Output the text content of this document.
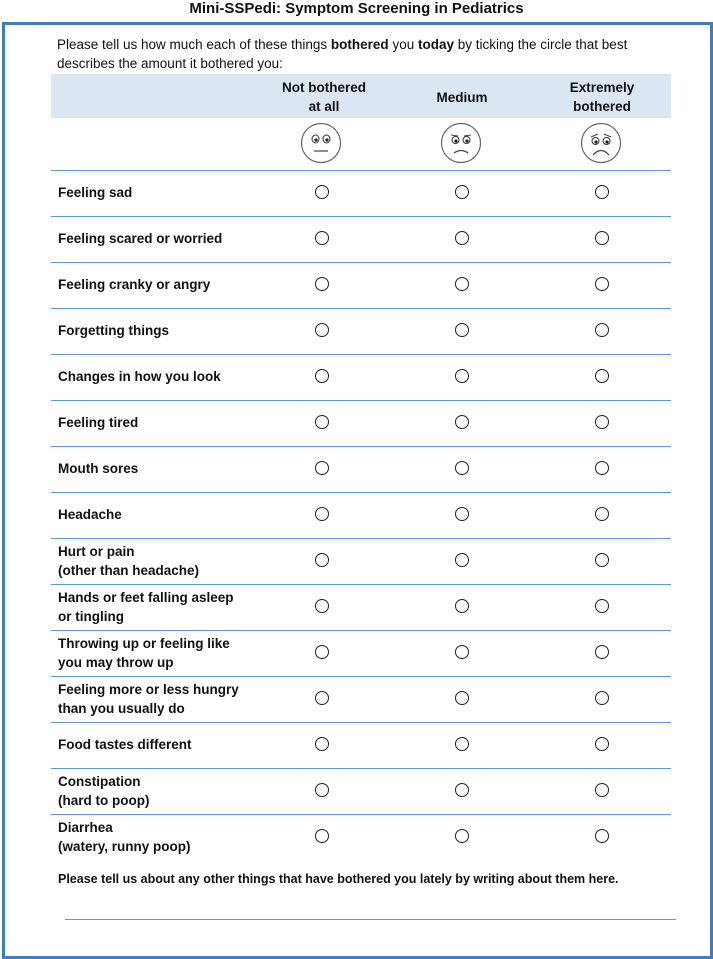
Mini-SSPedi: Symptom Screening in Pediatrics
Please tell us how much each of these things bothered you today by ticking the circle that best describes the amount it bothered you:
Not bothered
at all
Medium
Extremely
bothered
Feeling sad
Feeling scared or worried
Feeling cranky or angry
Forgetting things
Changes in how you look
Feeling tired
Mouth sores
Headache
Hurt or pain
(other than headache)
Hands or feet falling asleep
or tingling
Throwing up or feeling like
you may throw up
Feeling more or less hungry
than you usually do
Food tastes different
Constipation
(hard to poop)
Diarrhea
(watery, runny poop)
Please tell us about any other things that have bothered you lately by writing about them here.
